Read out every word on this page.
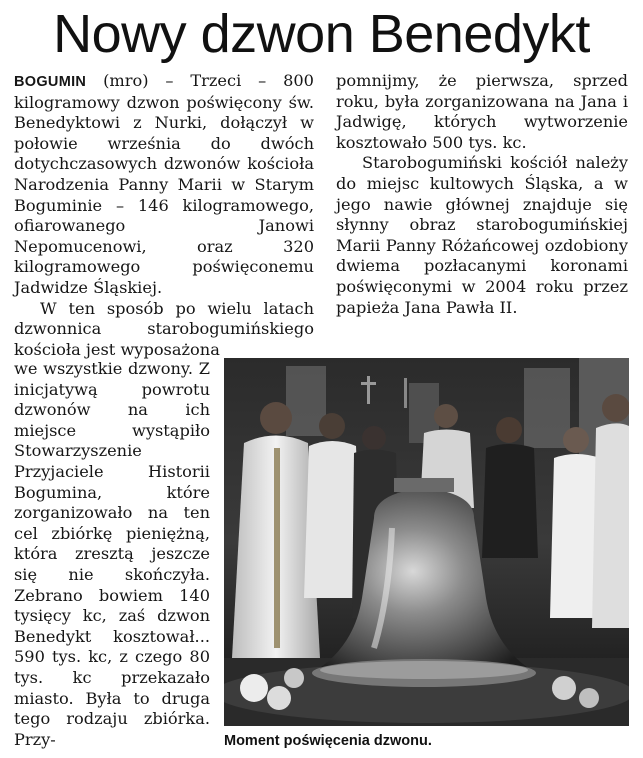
Nowy dzwon Benedykt

BOGUMIN (mro) – Trzeci – 800 kilogramowy dzwon poświęcony św. Benedyktowi z Nurki, dołączył w połowie września do dwóch dotychczasowych dzwonów kościoła Narodzenia Panny Marii w Starym Boguminie – 146 kilogramowego, ofiarowanego Janowi Nepomucenowi, oraz 320 kilogramowego poświęconemu Jadwidze Śląskiej.

W ten sposób po wielu latach dzwonnica starobogumińskiego kościoła jest wyposażona

we wszystkie dzwony. Z inicjatywą powrotu dzwonów na ich miejsce wystąpiło Stowarzyszenie Przyjaciele Historii Bogumina, które zorganizowało na ten cel zbiórkę pieniężną, która zresztą jeszcze się nie skończyła. Zebrano bowiem 140 tysięcy kc, zaś dzwon Benedykt kosztował... 590 tys. kc, z czego 80 tys. kc przekazało miasto. Była to druga tego rodzaju zbiórka. Przy-

pomnijmy, że pierwsza, sprzed roku, była zorganizowana na Jana i Jadwigę, których wytworzenie kosztowało 500 tys. kc.

Starobogumiński kościół należy do miejsc kultowych Śląska, a w jego nawie głównej znajduje się słynny obraz starobogumińskiej Marii Panny Różańcowej ozdobiony dwiema pozłacanymi koronami poświęconymi w 2004 roku przez papieża Jana Pawła II.

Moment poświęcenia dzwonu.
